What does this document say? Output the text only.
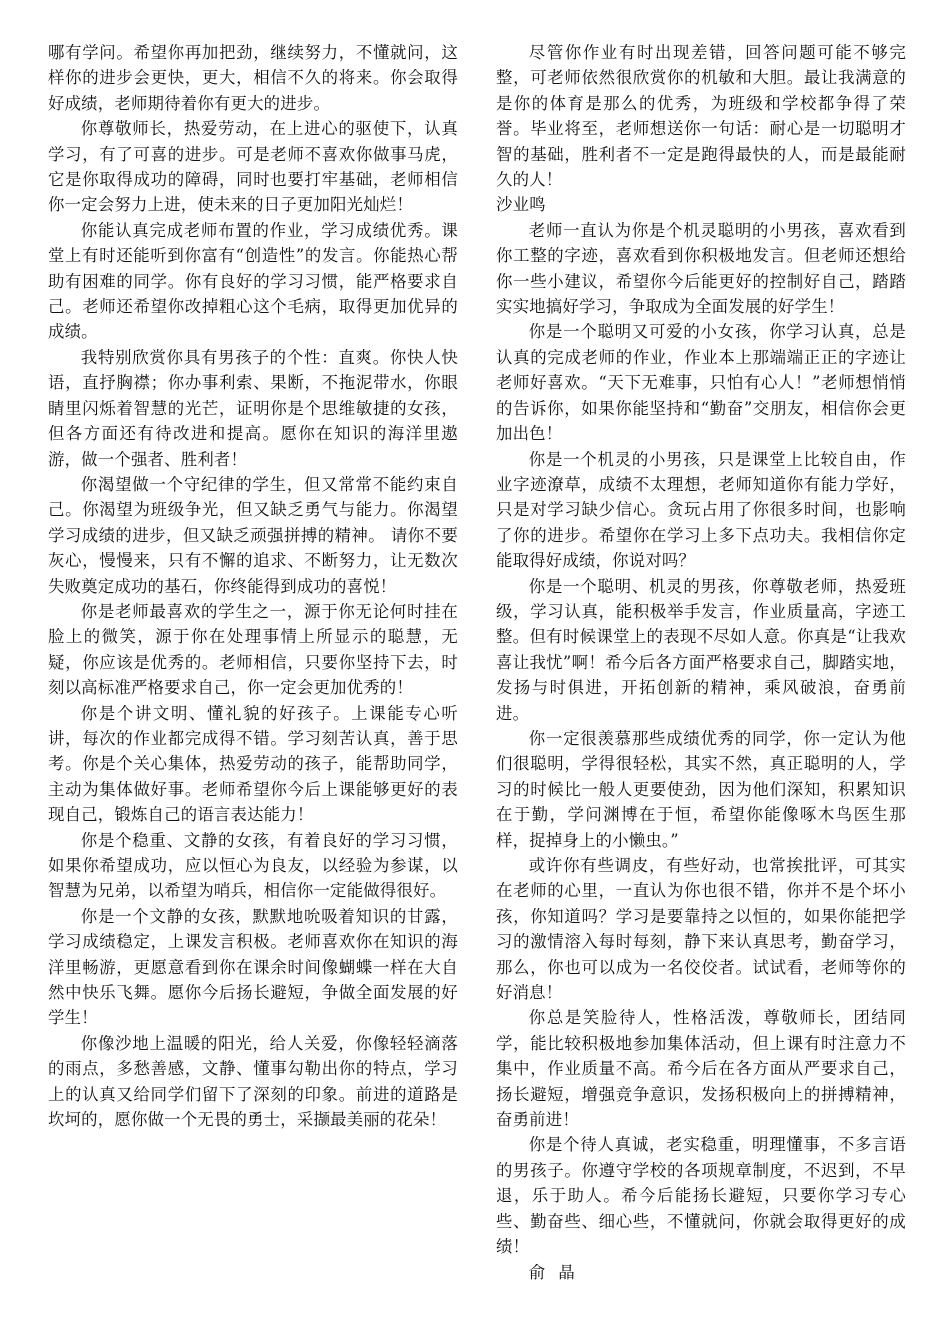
哪有学问。希望你再加把劲，继续努力，不懂就问，这样你的进步会更快，更大，相信不久的将来。你会取得好成绩，老师期待着你有更大的进步。

你尊敬师长，热爱劳动，在上进心的驱使下，认真学习，有了可喜的进步。可是老师不喜欢你做事马虎，它是你取得成功的障碍，同时也要打牢基础，老师相信你一定会努力上进，使未来的日子更加阳光灿烂！

你能认真完成老师布置的作业，学习成绩优秀。课堂上有时还能听到你富有“创造性”的发言。你能热心帮助有困难的同学。你有良好的学习习惯，能严格要求自己。老师还希望你改掉粗心这个毛病，取得更加优异的成绩。

我特别欣赏你具有男孩子的个性：直爽。你快人快语，直抒胸襟；你办事利索、果断，不拖泥带水，你眼睛里闪烁着智慧的光芒，证明你是个思维敏捷的女孩，但各方面还有待改进和提高。愿你在知识的海洋里遨游，做一个强者、胜利者！

你渴望做一个守纪律的学生，但又常常不能约束自己。你渴望为班级争光，但又缺乏勇气与能力。你渴望学习成绩的进步，但又缺乏顽强拼搏的精神。 请你不要灰心，慢慢来，只有不懈的追求、不断努力，让无数次失败奠定成功的基石，你终能得到成功的喜悦！

你是老师最喜欢的学生之一，源于你无论何时挂在脸上的微笑，源于你在处理事情上所显示的聪慧，无疑，你应该是优秀的。老师相信，只要你坚持下去，时刻以高标准严格要求自己，你一定会更加优秀的！

你是个讲文明、懂礼貌的好孩子。上课能专心听讲，每次的作业都完成得不错。学习刻苦认真，善于思考。你是个关心集体，热爱劳动的孩子，能帮助同学，主动为集体做好事。老师希望你今后上课能够更好的表现自己，锻炼自己的语言表达能力！

你是个稳重、文静的女孩，有着良好的学习习惯，如果你希望成功，应以恒心为良友，以经验为参谋，以智慧为兄弟，以希望为哨兵，相信你一定能做得很好。

你是一个文静的女孩，默默地吮吸着知识的甘露，学习成绩稳定，上课发言积极。老师喜欢你在知识的海洋里畅游，更愿意看到你在课余时间像蝴蝶一样在大自然中快乐飞舞。愿你今后扬长避短，争做全面发展的好学生！

你像沙地上温暖的阳光，给人关爱，你像轻轻滴落的雨点，多愁善感，文静、懂事勾勒出你的特点，学习上的认真又给同学们留下了深刻的印象。前进的道路是坎坷的，愿你做一个无畏的勇士，采撷最美丽的花朵！

尽管你作业有时出现差错，回答问题可能不够完整，可老师依然很欣赏你的机敏和大胆。最让我满意的是你的体育是那么的优秀，为班级和学校都争得了荣誉。毕业将至，老师想送你一句话：耐心是一切聪明才智的基础，胜利者不一定是跑得最快的人，而是最能耐久的人！

沙业鸣

老师一直认为你是个机灵聪明的小男孩，喜欢看到你工整的字迹，喜欢看到你积极地发言。但老师还想给你一些小建议，希望你今后能更好的控制好自己，踏踏实实地搞好学习，争取成为全面发展的好学生！

你是一个聪明又可爱的小女孩，你学习认真，总是认真的完成老师的作业，作业本上那端端正正的字迹让老师好喜欢。“天下无难事，只怕有心人！”老师想悄悄的告诉你，如果你能坚持和“勤奋”交朋友，相信你会更加出色！

你是一个机灵的小男孩，只是课堂上比较自由，作业字迹潦草，成绩不太理想，老师知道你有能力学好，只是对学习缺少信心。贪玩占用了你很多时间，也影响了你的进步。希望你在学习上多下点功夫。我相信你定能取得好成绩，你说对吗？

你是一个聪明、机灵的男孩，你尊敬老师，热爱班级，学习认真，能积极举手发言，作业质量高，字迹工整。但有时候课堂上的表现不尽如人意。你真是“让我欢喜让我忧”啊！希今后各方面严格要求自己，脚踏实地，发扬与时俱进，开拓创新的精神，乘风破浪，奋勇前进。

你一定很羡慕那些成绩优秀的同学，你一定认为他们很聪明，学得很轻松，其实不然，真正聪明的人，学习的时候比一般人更要使劲，因为他们深知，积累知识在于勤，学问渊博在于恒，希望你能像啄木鸟医生那样，捉掉身上的小懒虫。”

或许你有些调皮，有些好动，也常挨批评，可其实在老师的心里，一直认为你也很不错，你并不是个坏小孩，你知道吗？学习是要靠持之以恒的，如果你能把学习的激情溶入每时每刻，静下来认真思考，勤奋学习，那么，你也可以成为一名佼佼者。试试看，老师等你的好消息！

你总是笑脸待人，性格活泼，尊敬师长，团结同学，能比较积极地参加集体活动，但上课有时注意力不集中，作业质量不高。希今后在各方面从严要求自己，扬长避短，增强竞争意识，发扬积极向上的拼搏精神，奋勇前进！

你是个待人真诚，老实稳重，明理懂事，不多言语的男孩子。你遵守学校的各项规章制度，不迟到，不早退，乐于助人。希今后能扬长避短，只要你学习专心些、勤奋些、细心些，不懂就问，你就会取得更好的成绩！

俞 晶
